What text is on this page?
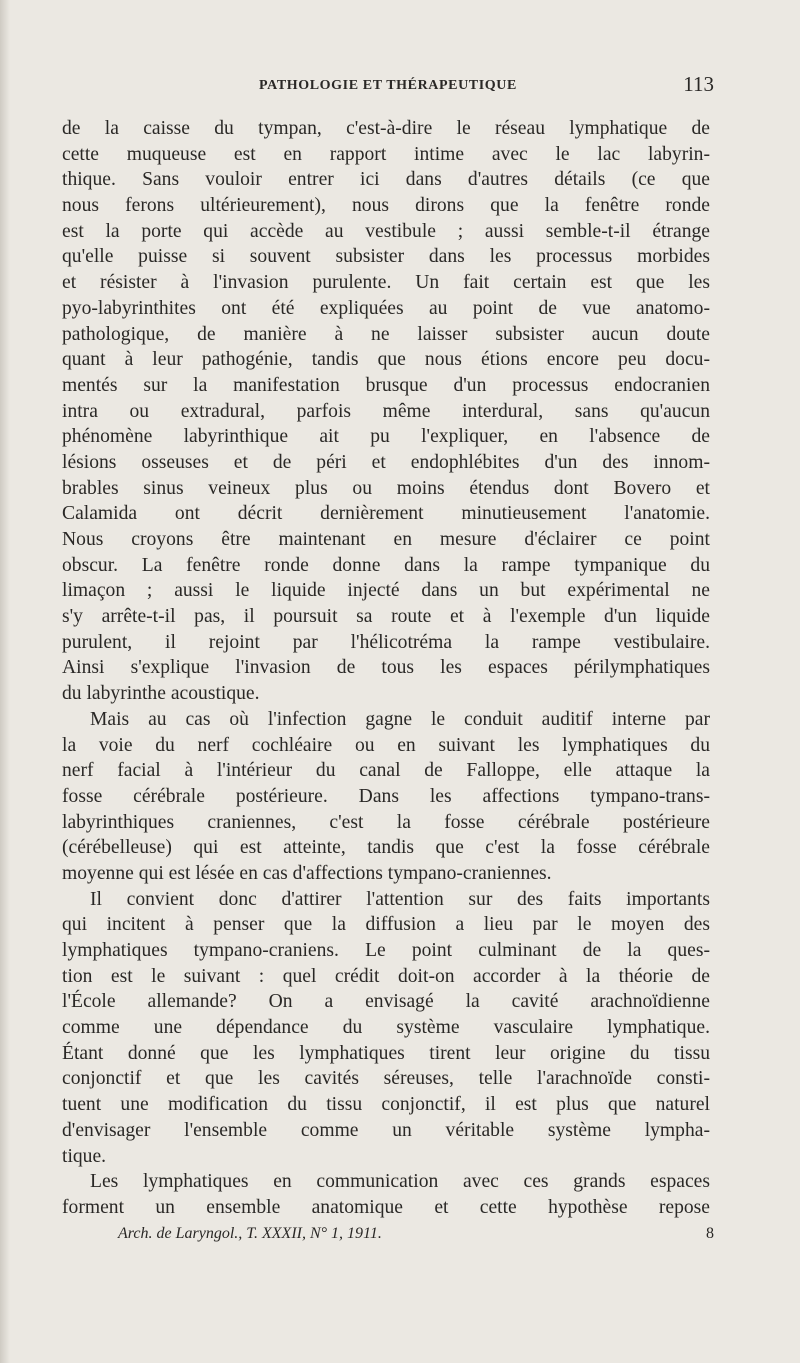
PATHOLOGIE ET THÉRAPEUTIQUE	113
de la caisse du tympan, c'est-à-dire le réseau lymphatique de
cette muqueuse est en rapport intime avec le lac labyrin-
thique. Sans vouloir entrer ici dans d'autres détails (ce que
nous ferons ultérieurement), nous dirons que la fenêtre ronde
est la porte qui accède au vestibule ; aussi semble-t-il étrange
qu'elle puisse si souvent subsister dans les processus morbides
et résister à l'invasion purulente. Un fait certain est que les
pyo-labyrinthites ont été expliquées au point de vue anatomo-
pathologique, de manière à ne laisser subsister aucun doute
quant à leur pathogénie, tandis que nous étions encore peu docu-
mentés sur la manifestation brusque d'un processus endocranien
intra ou extradural, parfois même interdural, sans qu'aucun
phénomène labyrinthique ait pu l'expliquer, en l'absence de
lésions osseuses et de péri et endophlébites d'un des innom-
brables sinus veineux plus ou moins étendus dont Bovero et
Calamida ont décrit dernièrement minutieusement l'anatomie.
Nous croyons être maintenant en mesure d'éclairer ce point
obscur. La fenêtre ronde donne dans la rampe tympanique du
limaçon ; aussi le liquide injecté dans un but expérimental ne
s'y arrête-t-il pas, il poursuit sa route et à l'exemple d'un liquide
purulent, il rejoint par l'hélicotréma la rampe vestibulaire.
Ainsi s'explique l'invasion de tous les espaces périlymphatiques
du labyrinthe acoustique.
Mais au cas où l'infection gagne le conduit auditif interne par
la voie du nerf cochléaire ou en suivant les lymphatiques du
nerf facial à l'intérieur du canal de Falloppe, elle attaque la
fosse cérébrale postérieure. Dans les affections tympano-trans-
labyrinthiques craniennes, c'est la fosse cérébrale postérieure
(cérébelleuse) qui est atteinte, tandis que c'est la fosse cérébrale
moyenne qui est lésée en cas d'affections tympano-craniennes.
Il convient donc d'attirer l'attention sur des faits importants
qui incitent à penser que la diffusion a lieu par le moyen des
lymphatiques tympano-craniens. Le point culminant de la ques-
tion est le suivant : quel crédit doit-on accorder à la théorie de
l'École allemande? On a envisagé la cavité arachnoïdienne
comme une dépendance du système vasculaire lymphatique.
Étant donné que les lymphatiques tirent leur origine du tissu
conjonctif et que les cavités séreuses, telle l'arachnoïde consti-
tuent une modification du tissu conjonctif, il est plus que naturel
d'envisager l'ensemble comme un véritable système lympha-
tique.
Les lymphatiques en communication avec ces grands espaces
forment un ensemble anatomique et cette hypothèse repose
Arch. de Laryngol., T. XXXII, N° 1, 1911.	8
